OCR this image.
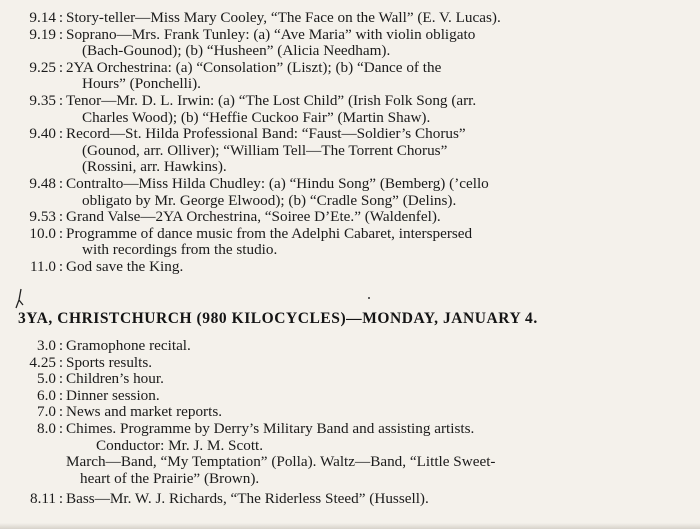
9.14 : Story-teller—Miss Mary Cooley, “The Face on the Wall” (E. V. Lucas).
9.19 : Soprano—Mrs. Frank Tunley: (a) “Ave Maria” with violin obligato
(Bach-Gounod); (b) “Husheen” (Alicia Needham).
9.25 : 2YA Orchestrina: (a) “Consolation” (Liszt); (b) “Dance of the
Hours” (Ponchelli).
9.35 : Tenor—Mr. D. L. Irwin: (a) “The Lost Child” (Irish Folk Song (arr.
Charles Wood); (b) “Heffie Cuckoo Fair” (Martin Shaw).
9.40 : Record—St. Hilda Professional Band: “Faust—Soldier’s Chorus”
(Gounod, arr. Olliver); “William Tell—The Torrent Chorus”
(Rossini, arr. Hawkins).
9.48 : Contralto—Miss Hilda Chudley: (a) “Hindu Song” (Bemberg) (’cello
obligato by Mr. George Elwood); (b) “Cradle Song” (Delins).
9.53 : Grand Valse—2YA Orchestrina, “Soiree D’Ete.” (Waldenfel).
10.0 : Programme of dance music from the Adelphi Cabaret, interspersed
with recordings from the studio.
11.0 : God save the King.
3YA, CHRISTCHURCH (980 KILOCYCLES)—MONDAY, JANUARY 4.
3.0 : Gramophone recital.
4.25 : Sports results.
5.0 : Children’s hour.
6.0 : Dinner session.
7.0 : News and market reports.
8.0 : Chimes. Programme by Derry’s Military Band and assisting artists.
Conductor: Mr. J. M. Scott.
March—Band, “My Temptation” (Polla). Waltz—Band, “Little Sweet-
heart of the Prairie” (Brown).
8.11 : Bass—Mr. W. J. Richards, “The Riderless Steed” (Hussell).
